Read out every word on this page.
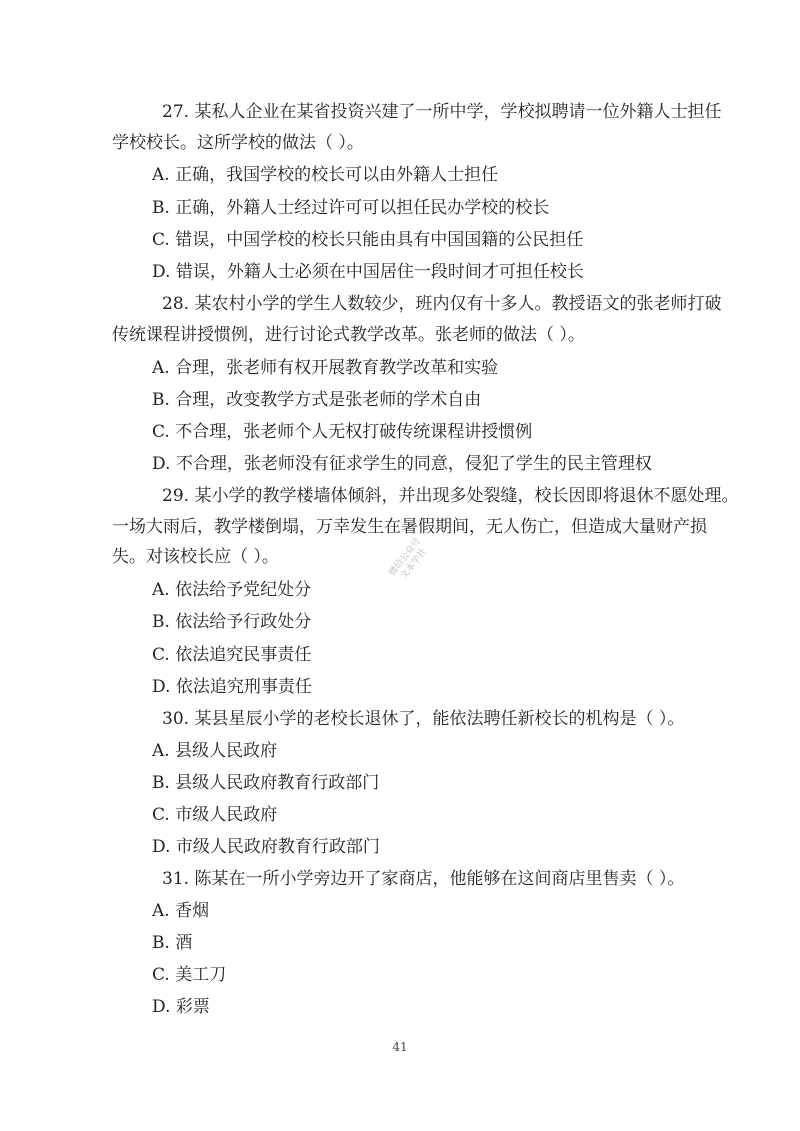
27. 某私人企业在某省投资兴建了一所中学，学校拟聘请一位外籍人士担任
学校校长。这所学校的做法（ ）。
A. 正确，我国学校的校长可以由外籍人士担任
B. 正确，外籍人士经过许可可以担任民办学校的校长
C. 错误，中国学校的校长只能由具有中国国籍的公民担任
D. 错误，外籍人士必须在中国居住一段时间才可担任校长
28. 某农村小学的学生人数较少，班内仅有十多人。教授语文的张老师打破
传统课程讲授惯例，进行讨论式教学改革。张老师的做法（ ）。
A. 合理，张老师有权开展教育教学改革和实验
B. 合理，改变教学方式是张老师的学术自由
C. 不合理，张老师个人无权打破传统课程讲授惯例
D. 不合理，张老师没有征求学生的同意，侵犯了学生的民主管理权
29. 某小学的教学楼墙体倾斜，并出现多处裂缝，校长因即将退休不愿处理。
一场大雨后，教学楼倒塌，万幸发生在暑假期间，无人伤亡，但造成大量财产损
失。对该校长应（ ）。
A. 依法给予党纪处分
B. 依法给予行政处分
C. 依法追究民事责任
D. 依法追究刑事责任
30. 某县星辰小学的老校长退休了，能依法聘任新校长的机构是（ ）。
A. 县级人民政府
B. 县级人民政府教育行政部门
C. 市级人民政府
D. 市级人民政府教育行政部门
31. 陈某在一所小学旁边开了家商店，他能够在这间商店里售卖（ ）。
A. 香烟
B. 酒
C. 美工刀
D. 彩票
微信公众号
文本学社
41
